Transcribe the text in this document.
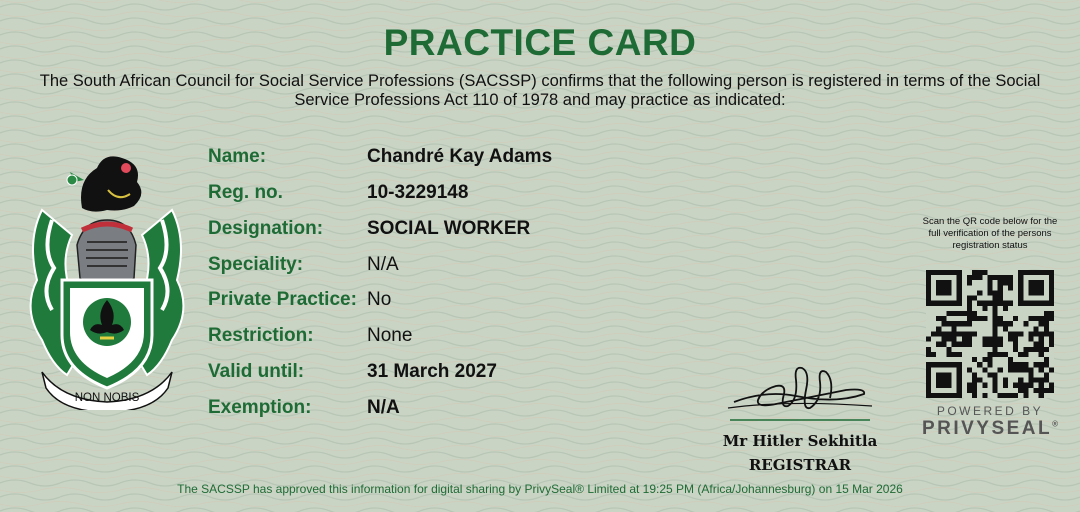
PRACTICE CARD
The South African Council for Social Service Professions (SACSSP) confirms that the following person is registered in terms of the Social Service Professions Act 110 of 1978 and may practice as indicated:
NON NOBIS
Name:	Chandré Kay Adams
Reg. no.	10-3229148
Designation: SOCIAL WORKER
Speciality:	N/A
Private Practice: No
Restriction:	None
Valid until:	31 March 2027
Exemption:	N/A
Mr Hitler Sekhitla
REGISTRAR
Scan the QR code below for the full verification of the persons registration status
POWERED BY
PRIVYSEAL®
The SACSSP has approved this information for digital sharing by PrivySeal® Limited at 19:25 PM (Africa/Johannesburg) on 15 Mar 2026
